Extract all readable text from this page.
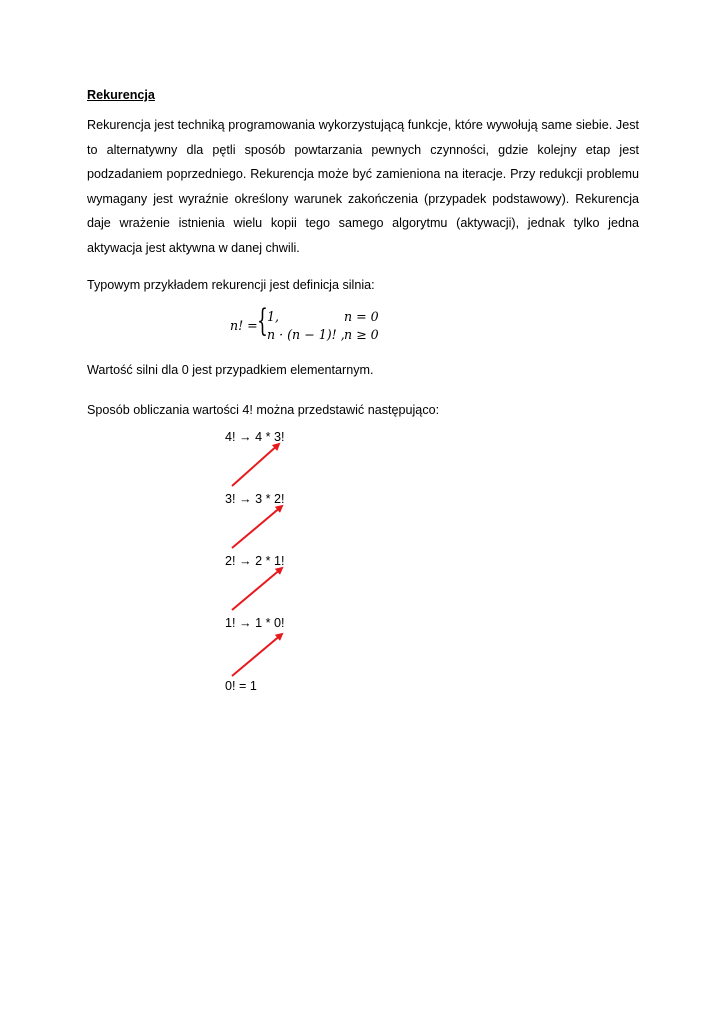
Rekurencja

Rekurencja jest techniką programowania wykorzystującą funkcje, które wywołują same siebie. Jest to alternatywny dla pętli sposób powtarzania pewnych czynności, gdzie kolejny etap jest podzadaniem poprzedniego. Rekurencja może być zamieniona na iteracje. Przy redukcji problemu wymagany jest wyraźnie określony warunek zakończenia (przypadek podstawowy). Rekurencja daje wrażenie istnienia wielu kopii tego samego algorytmu (aktywacji), jednak tylko jedna aktywacja jest aktywna w danej chwili.

Typowym przykładem rekurencji jest definicja silnia:

n! = { 1,	n = 0
n · (n − 1)! , n ≥ 0

Wartość silni dla 0 jest przypadkiem elementarnym.

Sposób obliczania wartości 4! można przedstawić następująco:

4! → 4 * 3!

3! → 3 * 2!

2! → 2 * 1!

1! → 1 * 0!

0! = 1
